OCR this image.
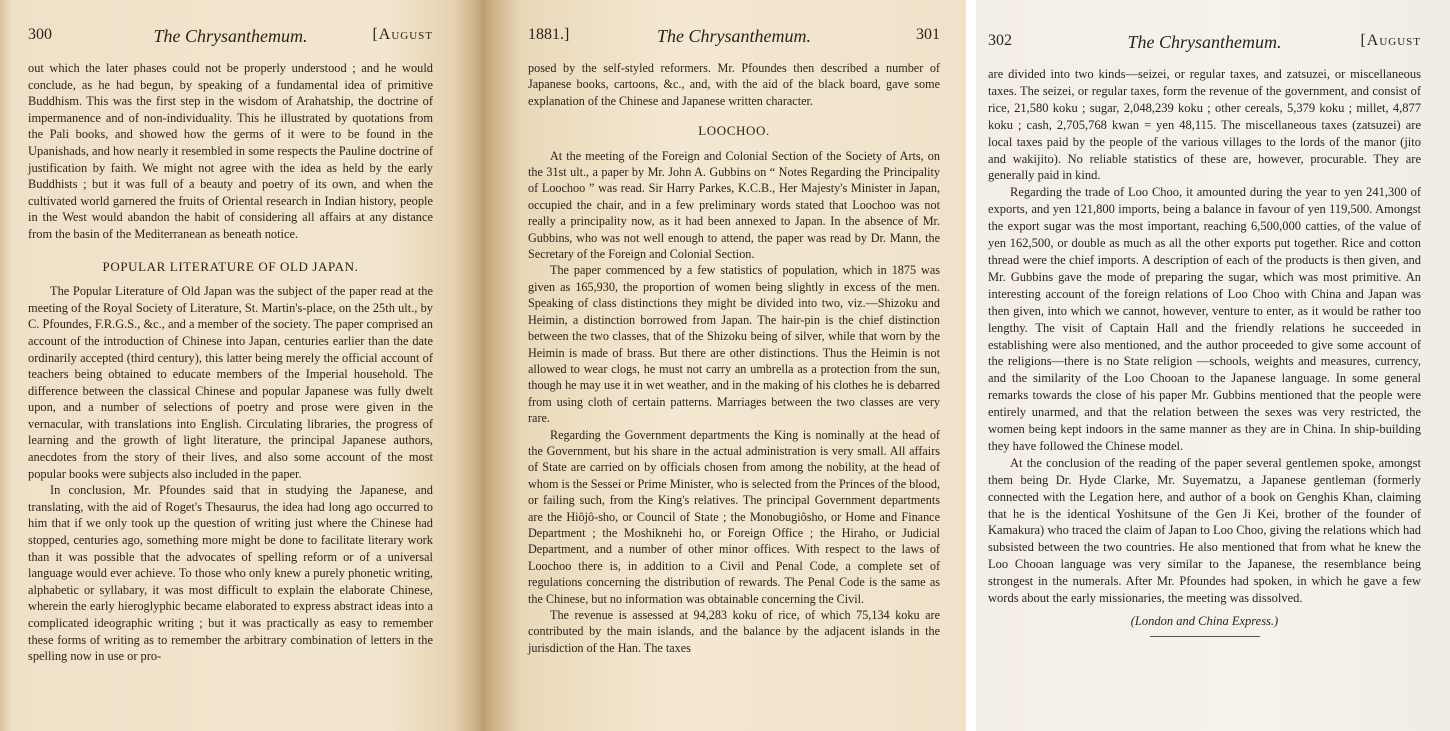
300	The Chrysanthemum.	[August

out which the later phases could not be properly understood ; and he would conclude, as he had begun, by speaking of a fundamental idea of primitive Buddhism. This was the first step in the wisdom of Arahatship, the doctrine of impermanence and of non-individuality. This he illustrated by quotations from the Pali books, and showed how the germs of it were to be found in the Upanishads, and how nearly it resembled in some respects the Pauline doctrine of justification by faith. We might not agree with the idea as held by the early Buddhists ; but it was full of a beauty and poetry of its own, and when the cultivated world garnered the fruits of Oriental research in Indian history, people in the West would abandon the habit of considering all affairs at any distance from the basin of the Mediterranean as beneath notice.

POPULAR LITERATURE OF OLD JAPAN.

The Popular Literature of Old Japan was the subject of the paper read at the meeting of the Royal Society of Literature, St. Martin's-place, on the 25th ult., by C. Pfoundes, F.R.G.S., &c., and a member of the society. The paper comprised an account of the introduction of Chinese into Japan, centuries earlier than the date ordinarily accepted (third century), this latter being merely the official account of teachers being obtained to educate members of the Imperial household. The difference between the classical Chinese and popular Japanese was fully dwelt upon, and a number of selections of poetry and prose were given in the vernacular, with translations into English. Circulating libraries, the progress of learning and the growth of light literature, the principal Japanese authors, anecdotes from the story of their lives, and also some account of the most popular books were subjects also included in the paper.

In conclusion, Mr. Pfoundes said that in studying the Japanese, and translating, with the aid of Roget's Thesaurus, the idea had long ago occurred to him that if we only took up the question of writing just where the Chinese had stopped, centuries ago, something more might be done to facilitate literary work than it was possible that the advocates of spelling reform or of a universal language would ever achieve. To those who only knew a purely phonetic writing, alphabetic or syllabary, it was most difficult to explain the elaborate Chinese, wherein the early hieroglyphic became elaborated to express abstract ideas into a complicated ideographic writing ; but it was practically as easy to remember these forms of writing as to remember the arbitrary combination of letters in the spelling now in use or pro-

1881.]	The Chrysanthemum.	301

posed by the self-styled reformers. Mr. Pfoundes then described a number of Japanese books, cartoons, &c., and, with the aid of the black board, gave some explanation of the Chinese and Japanese written character.

LOOCHOO.

At the meeting of the Foreign and Colonial Section of the Society of Arts, on the 31st ult., a paper by Mr. John A. Gubbins on “ Notes Regarding the Principality of Loochoo ” was read. Sir Harry Parkes, K.C.B., Her Majesty's Minister in Japan, occupied the chair, and in a few preliminary words stated that Loochoo was not really a principality now, as it had been annexed to Japan. In the absence of Mr. Gubbins, who was not well enough to attend, the paper was read by Dr. Mann, the Secretary of the Foreign and Colonial Section.

The paper commenced by a few statistics of population, which in 1875 was given as 165,930, the proportion of women being slightly in excess of the men. Speaking of class distinctions they might be divided into two, viz.—Shizoku and Heimin, a distinction borrowed from Japan. The hair-pin is the chief distinction between the two classes, that of the Shizoku being of silver, while that worn by the Heimin is made of brass. But there are other distinctions. Thus the Heimin is not allowed to wear clogs, he must not carry an umbrella as a protection from the sun, though he may use it in wet weather, and in the making of his clothes he is debarred from using cloth of certain patterns. Marriages between the two classes are very rare.

Regarding the Government departments the King is nominally at the head of the Government, but his share in the actual administration is very small. All affairs of State are carried on by officials chosen from among the nobility, at the head of whom is the Sessei or Prime Minister, who is selected from the Princes of the blood, or failing such, from the King's relatives. The principal Government departments are the Hiôjô-sho, or Council of State ; the Monobugiôsho, or Home and Finance Department ; the Moshiknehi ho, or Foreign Office ; the Hiraho, or Judicial Department, and a number of other minor offices. With respect to the laws of Loochoo there is, in addition to a Civil and Penal Code, a complete set of regulations concerning the distribution of rewards. The Penal Code is the same as the Chinese, but no information was obtainable concerning the Civil.

The revenue is assessed at 94,283 koku of rice, of which 75,134 koku are contributed by the main islands, and the balance by the adjacent islands in the jurisdiction of the Han. The taxes

302	The Chrysanthemum.	[August

are divided into two kinds—seizei, or regular taxes, and zatsuzei, or miscellaneous taxes. The seizei, or regular taxes, form the revenue of the government, and consist of rice, 21,580 koku ; sugar, 2,048,239 koku ; other cereals, 5,379 koku ; millet, 4,877 koku ; cash, 2,705,768 kwan = yen 48,115. The miscellaneous taxes (zatsuzei) are local taxes paid by the people of the various villages to the lords of the manor (jito and wakijito). No reliable statistics of these are, however, procurable. They are generally paid in kind.

Regarding the trade of Loo Choo, it amounted during the year to yen 241,300 of exports, and yen 121,800 imports, being a balance in favour of yen 119,500. Amongst the export sugar was the most important, reaching 6,500,000 catties, of the value of yen 162,500, or double as much as all the other exports put together. Rice and cotton thread were the chief imports. A description of each of the products is then given, and Mr. Gubbins gave the mode of preparing the sugar, which was most primitive. An interesting account of the foreign relations of Loo Choo with China and Japan was then given, into which we cannot, however, venture to enter, as it would be rather too lengthy. The visit of Captain Hall and the friendly relations he succeeded in establishing were also mentioned, and the author proceeded to give some account of the religions—there is no State religion —schools, weights and measures, currency, and the similarity of the Loo Chooan to the Japanese language. In some general remarks towards the close of his paper Mr. Gubbins mentioned that the people were entirely unarmed, and that the relation between the sexes was very restricted, the women being kept indoors in the same manner as they are in China. In ship-building they have followed the Chinese model.

At the conclusion of the reading of the paper several gentlemen spoke, amongst them being Dr. Hyde Clarke, Mr. Suyematzu, a Japanese gentleman (formerly connected with the Legation here, and author of a book on Genghis Khan, claiming that he is the identical Yoshitsune of the Gen Ji Kei, brother of the founder of Kamakura) who traced the claim of Japan to Loo Choo, giving the relations which had subsisted between the two countries. He also mentioned that from what he knew the Loo Chooan language was very similar to the Japanese, the resemblance being strongest in the numerals. After Mr. Pfoundes had spoken, in which he gave a few words about the early missionaries, the meeting was dissolved.

(London and China Express.)
